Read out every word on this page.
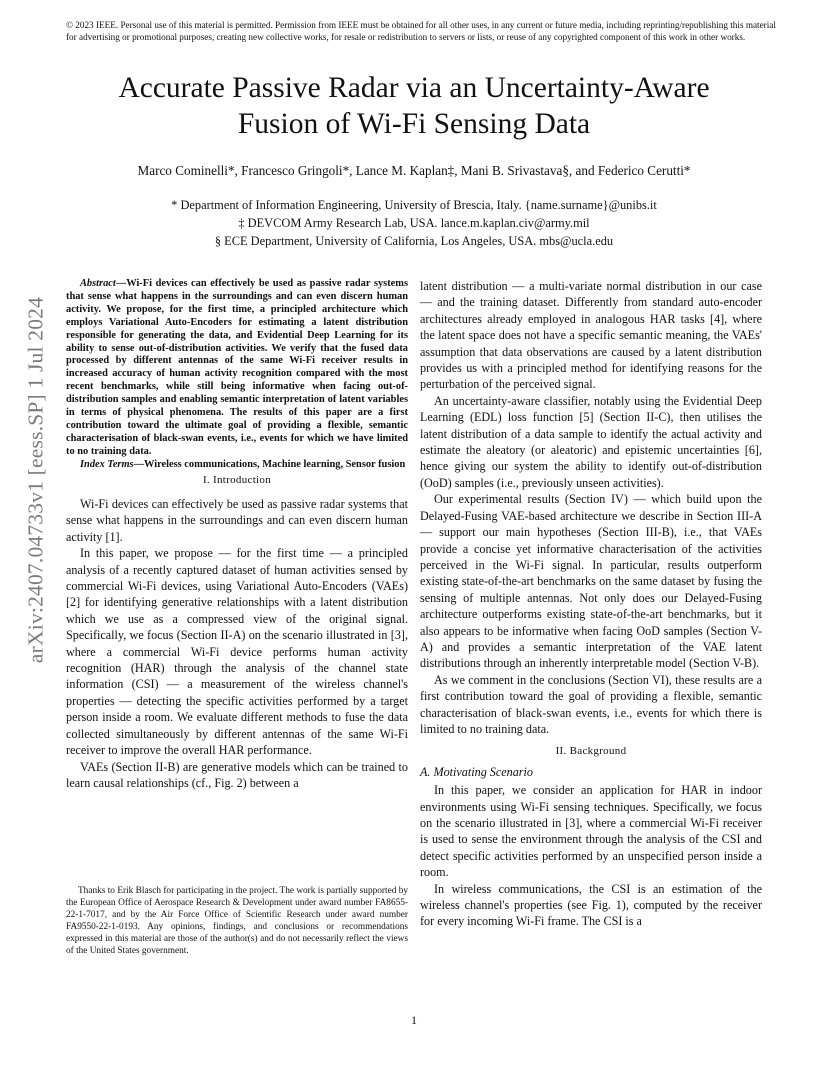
© 2023 IEEE. Personal use of this material is permitted. Permission from IEEE must be obtained for all other uses, in any current or future media, including reprinting/republishing this material for advertising or promotional purposes, creating new collective works, for resale or redistribution to servers or lists, or reuse of any copyrighted component of this work in other works.
Accurate Passive Radar via an Uncertainty-Aware
Fusion of Wi-Fi Sensing Data
Marco Cominelli*, Francesco Gringoli*, Lance M. Kaplan‡, Mani B. Srivastava§, and Federico Cerutti*
* Department of Information Engineering, University of Brescia, Italy. {name.surname}@unibs.it
‡ DEVCOM Army Research Lab, USA. lance.m.kaplan.civ@army.mil
§ ECE Department, University of California, Los Angeles, USA. mbs@ucla.edu
arXiv:2407.04733v1 [eess.SP] 1 Jul 2024

Abstract—Wi-Fi devices can effectively be used as passive radar systems that sense what happens in the surroundings and can even discern human activity. We propose, for the first time, a principled architecture which employs Variational Auto-Encoders for estimating a latent distribution responsible for generating the data, and Evidential Deep Learning for its ability to sense out-of-distribution activities. We verify that the fused data processed by different antennas of the same Wi-Fi receiver results in increased accuracy of human activity recognition compared with the most recent benchmarks, while still being informative when facing out-of-distribution samples and enabling semantic interpretation of latent variables in terms of physical phenomena. The results of this paper are a first contribution toward the ultimate goal of providing a flexible, semantic characterisation of black-swan events, i.e., events for which we have limited to no training data.

Index Terms—Wireless communications, Machine learning, Sensor fusion

I. Introduction

Wi-Fi devices can effectively be used as passive radar systems that sense what happens in the surroundings and can even discern human activity [1].

In this paper, we propose — for the first time — a principled analysis of a recently captured dataset of human activities sensed by commercial Wi-Fi devices, using Variational Auto-Encoders (VAEs) [2] for identifying generative relationships with a latent distribution which we use as a compressed view of the original signal. Specifically, we focus (Section II-A) on the scenario illustrated in [3], where a commercial Wi-Fi device performs human activity recognition (HAR) through the analysis of the channel state information (CSI) — a measurement of the wireless channel's properties — detecting the specific activities performed by a target person inside a room. We evaluate different methods to fuse the data collected simultaneously by different antennas of the same Wi-Fi receiver to improve the overall HAR performance.

VAEs (Section II-B) are generative models which can be trained to learn causal relationships (cf., Fig. 2) between a

Thanks to Erik Blasch for participating in the project. The work is partially supported by the European Office of Aerospace Research & Development under award number FA8655-22-1-7017, and by the Air Force Office of Scientific Research under award number FA9550-22-1-0193. Any opinions, findings, and conclusions or recommendations expressed in this material are those of the author(s) and do not necessarily reflect the views of the United States government.

latent distribution — a multi-variate normal distribution in our case — and the training dataset. Differently from standard auto-encoder architectures already employed in analogous HAR tasks [4], where the latent space does not have a specific semantic meaning, the VAEs' assumption that data observations are caused by a latent distribution provides us with a principled method for identifying reasons for the perturbation of the perceived signal.

An uncertainty-aware classifier, notably using the Evidential Deep Learning (EDL) loss function [5] (Section II-C), then utilises the latent distribution of a data sample to identify the actual activity and estimate the aleatory (or aleatoric) and epistemic uncertainties [6], hence giving our system the ability to identify out-of-distribution (OoD) samples (i.e., previously unseen activities).

Our experimental results (Section IV) — which build upon the Delayed-Fusing VAE-based architecture we describe in Section III-A — support our main hypotheses (Section III-B), i.e., that VAEs provide a concise yet informative characterisation of the activities perceived in the Wi-Fi signal. In particular, results outperform existing state-of-the-art benchmarks on the same dataset by fusing the sensing of multiple antennas. Not only does our Delayed-Fusing architecture outperforms existing state-of-the-art benchmarks, but it also appears to be informative when facing OoD samples (Section V-A) and provides a semantic interpretation of the VAE latent distributions through an inherently interpretable model (Section V-B).

As we comment in the conclusions (Section VI), these results are a first contribution toward the goal of providing a flexible, semantic characterisation of black-swan events, i.e., events for which there is limited to no training data.

II. Background
A. Motivating Scenario

In this paper, we consider an application for HAR in indoor environments using Wi-Fi sensing techniques. Specifically, we focus on the scenario illustrated in [3], where a commercial Wi-Fi receiver is used to sense the environment through the analysis of the CSI and detect specific activities performed by an unspecified person inside a room.

In wireless communications, the CSI is an estimation of the wireless channel's properties (see Fig. 1), computed by the receiver for every incoming Wi-Fi frame. The CSI is a

1
